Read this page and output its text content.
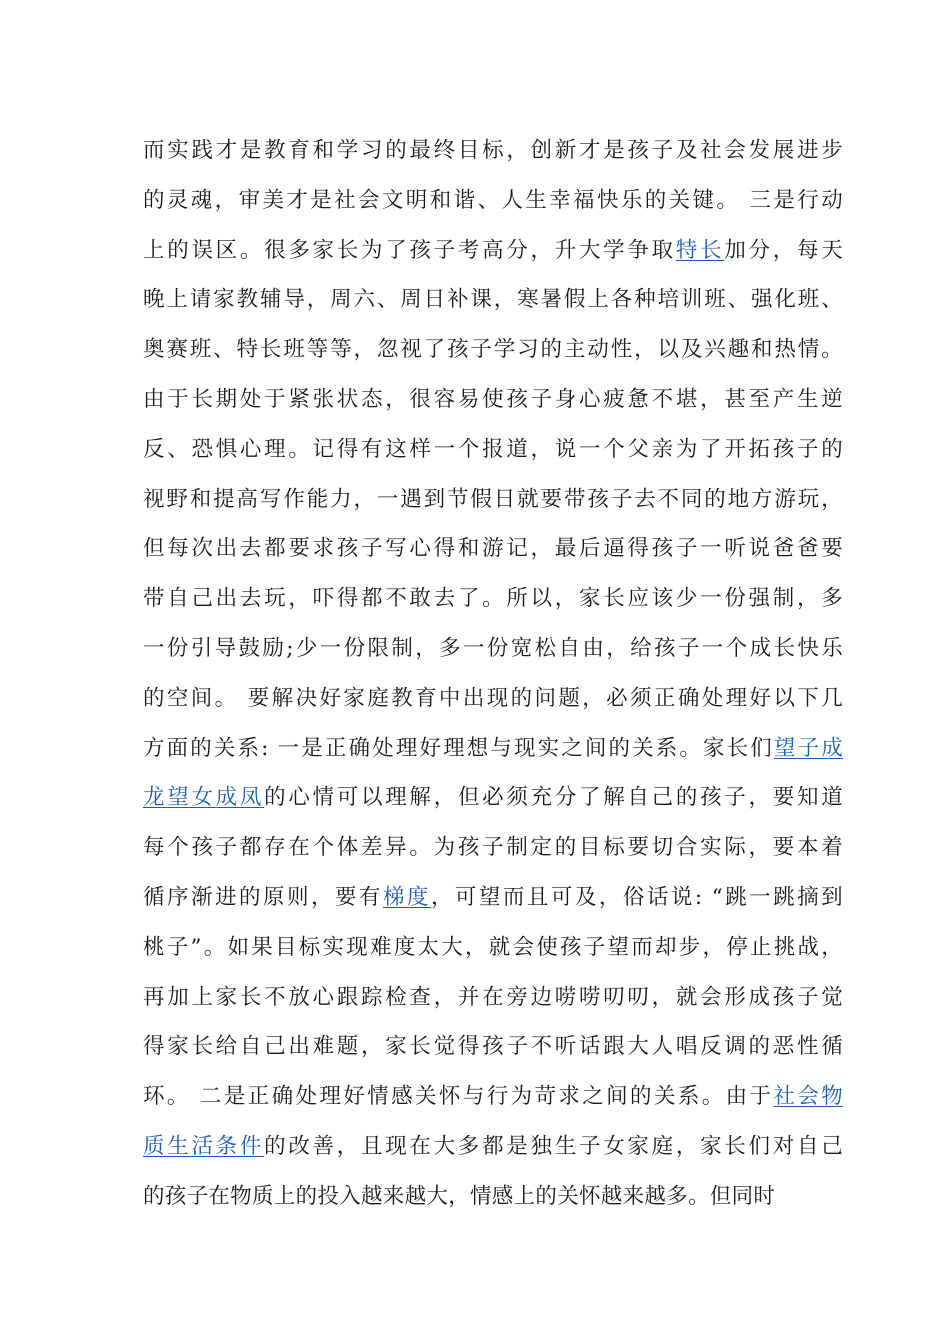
而实践才是教育和学习的最终目标，创新才是孩子及社会发展进步
的灵魂，审美才是社会文明和谐、人生幸福快乐的关键。 三是行动
上的误区。很多家长为了孩子考高分，升大学争取特长加分，每天
晚上请家教辅导，周六、周日补课，寒暑假上各种培训班、强化班、
奥赛班、特长班等等，忽视了孩子学习的主动性，以及兴趣和热情。
由于长期处于紧张状态，很容易使孩子身心疲惫不堪，甚至产生逆
反、恐惧心理。记得有这样一个报道，说一个父亲为了开拓孩子的
视野和提高写作能力，一遇到节假日就要带孩子去不同的地方游玩，
但每次出去都要求孩子写心得和游记，最后逼得孩子一听说爸爸要
带自己出去玩，吓得都不敢去了。所以，家长应该少一份强制，多
一份引导鼓励;少一份限制，多一份宽松自由，给孩子一个成长快乐
的空间。 要解决好家庭教育中出现的问题，必须正确处理好以下几
方面的关系: 一是正确处理好理想与现实之间的关系。家长们望子成
龙望女成凤的心情可以理解，但必须充分了解自己的孩子，要知道
每个孩子都存在个体差异。为孩子制定的目标要切合实际，要本着
循序渐进的原则，要有梯度，可望而且可及，俗话说: “跳一跳摘到
桃子”。如果目标实现难度太大，就会使孩子望而却步，停止挑战，
再加上家长不放心跟踪检查，并在旁边唠唠叨叨，就会形成孩子觉
得家长给自己出难题，家长觉得孩子不听话跟大人唱反调的恶性循
环。 二是正确处理好情感关怀与行为苛求之间的关系。由于社会物
质生活条件的改善，且现在大多都是独生子女家庭，家长们对自己
的孩子在物质上的投入越来越大，情感上的关怀越来越多。但同时
